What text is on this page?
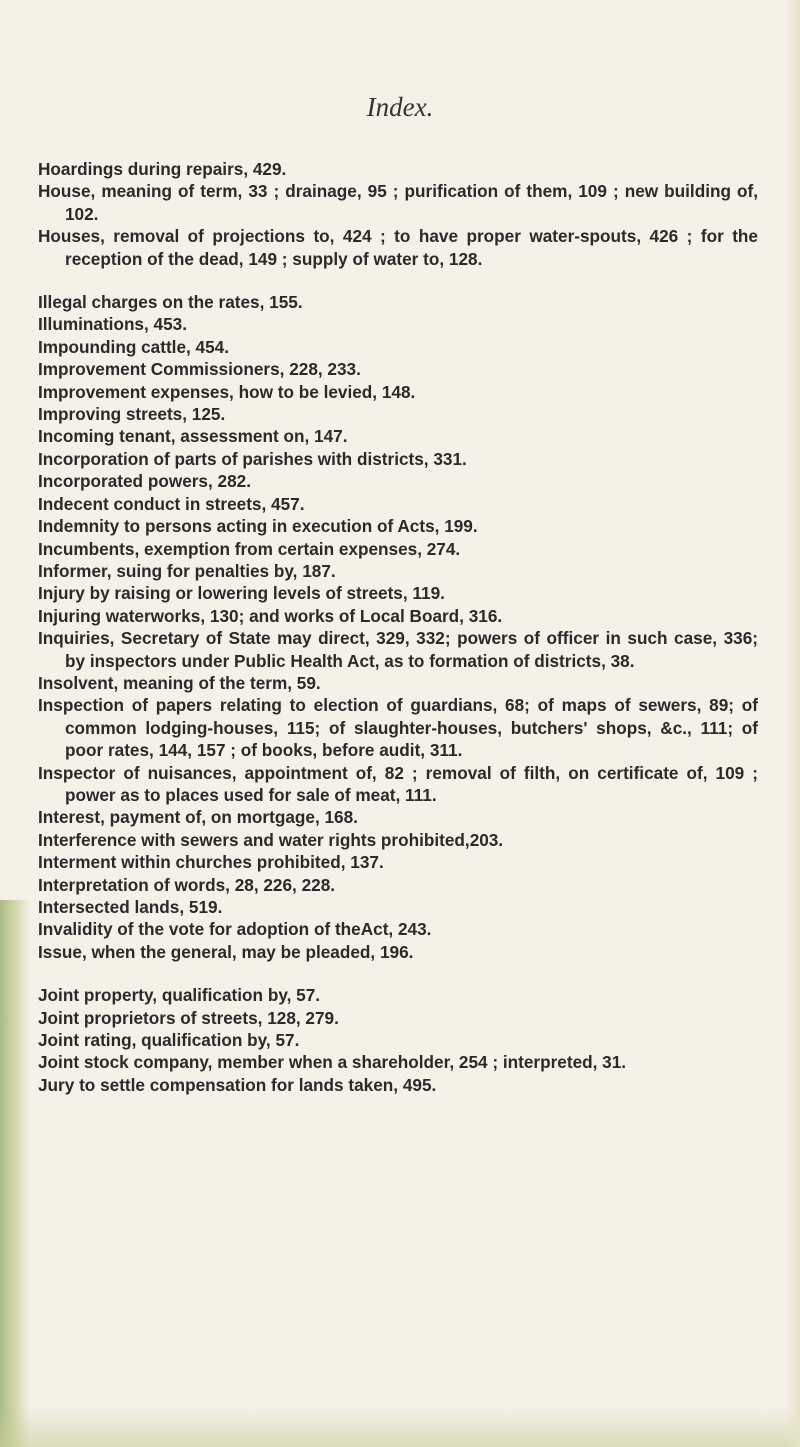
Index.

Hoardings during repairs, 429.

House, meaning of term, 33 ; drainage, 95 ; purification of them, 109 ; new building of, 102.

Houses, removal of projections to, 424 ; to have proper water-spouts, 426 ; for the reception of the dead, 149 ; supply of water to, 128.

Illegal charges on the rates, 155.

Illuminations, 453.

Impounding cattle, 454.

Improvement Commissioners, 228, 233.

Improvement expenses, how to be levied, 148.

Improving streets, 125.

Incoming tenant, assessment on, 147.

Incorporation of parts of parishes with districts, 331.

Incorporated powers, 282.

Indecent conduct in streets, 457.

Indemnity to persons acting in execution of Acts, 199.

Incumbents, exemption from certain expenses, 274.

Informer, suing for penalties by, 187.

Injury by raising or lowering levels of streets, 119.

Injuring waterworks, 130; and works of Local Board, 316.

Inquiries, Secretary of State may direct, 329, 332; powers of officer in such case, 336; by inspectors under Public Health Act, as to formation of districts, 38.

Insolvent, meaning of the term, 59.

Inspection of papers relating to election of guardians, 68; of maps of sewers, 89; of common lodging-houses, 115; of slaughter-houses, butchers' shops, &c., 111; of poor rates, 144, 157 ; of books, before audit, 311.

Inspector of nuisances, appointment of, 82 ; removal of filth, on certificate of, 109 ; power as to places used for sale of meat, 111.

Interest, payment of, on mortgage, 168.

Interference with sewers and water rights prohibited,203.

Interment within churches prohibited, 137.

Interpretation of words, 28, 226, 228.

Intersected lands, 519.

Invalidity of the vote for adoption of theAct, 243.

Issue, when the general, may be pleaded, 196.

Joint property, qualification by, 57.

Joint proprietors of streets, 128, 279.

Joint rating, qualification by, 57.

Joint stock company, member when a shareholder, 254 ; interpreted, 31.

Jury to settle compensation for lands taken, 495.
